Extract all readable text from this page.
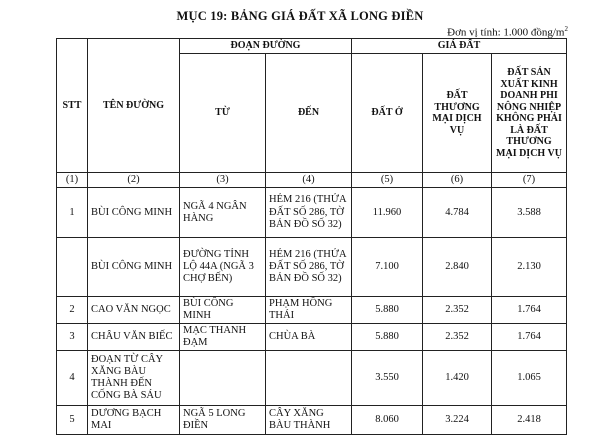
MỤC 19: BẢNG GIÁ ĐẤT XÃ LONG ĐIỀN
Đơn vị tính: 1.000 đồng/$m^2$
STT	TÊN ĐƯỜNG	ĐOẠN ĐƯỜNG		GIÁ ĐẤT		
		TỪ	ĐẾN	ĐẤT Ở	ĐẤT THƯƠNG MẠI DỊCH VỤ	ĐẤT SẢN XUẤT KINH DOANH PHI NÔNG NHIỆP KHÔNG PHẢI LÀ ĐẤT THƯƠNG MẠI DỊCH VỤ
(1)	(2)	(3)	(4)	(5)	(6)	(7)
1	BÙI CÔNG MINH	NGÃ 4 NGÂN HÀNG	HẺM 216 (THỬA ĐẤT SỐ 286, TỜ BẢN ĐỒ SỐ 32)	11.960	4.784	3.588
	BÙI CÔNG MINH	ĐƯỜNG TỈNH LỘ 44A (NGÃ 3 CHỢ BẾN)	HẺM 216 (THỬA ĐẤT SỐ 286, TỜ BẢN ĐỒ SỐ 32)	7.100	2.840	2.130
2	CAO VĂN NGỌC	BÙI CÔNG MINH	PHẠM HỒNG THÁI	5.880	2.352	1.764
3	CHÂU VĂN BIẾC	MẠC THANH ĐẠM	CHÙA BÀ	5.880	2.352	1.764
4	ĐOẠN TỪ CÂY XĂNG BÀU THÀNH ĐẾN CỐNG BÀ SÁU			3.550	1.420	1.065
5	DƯƠNG BẠCH MAI	NGÃ 5 LONG ĐIỀN	CÂY XĂNG BÀU THÀNH	8.060	3.224	2.418
